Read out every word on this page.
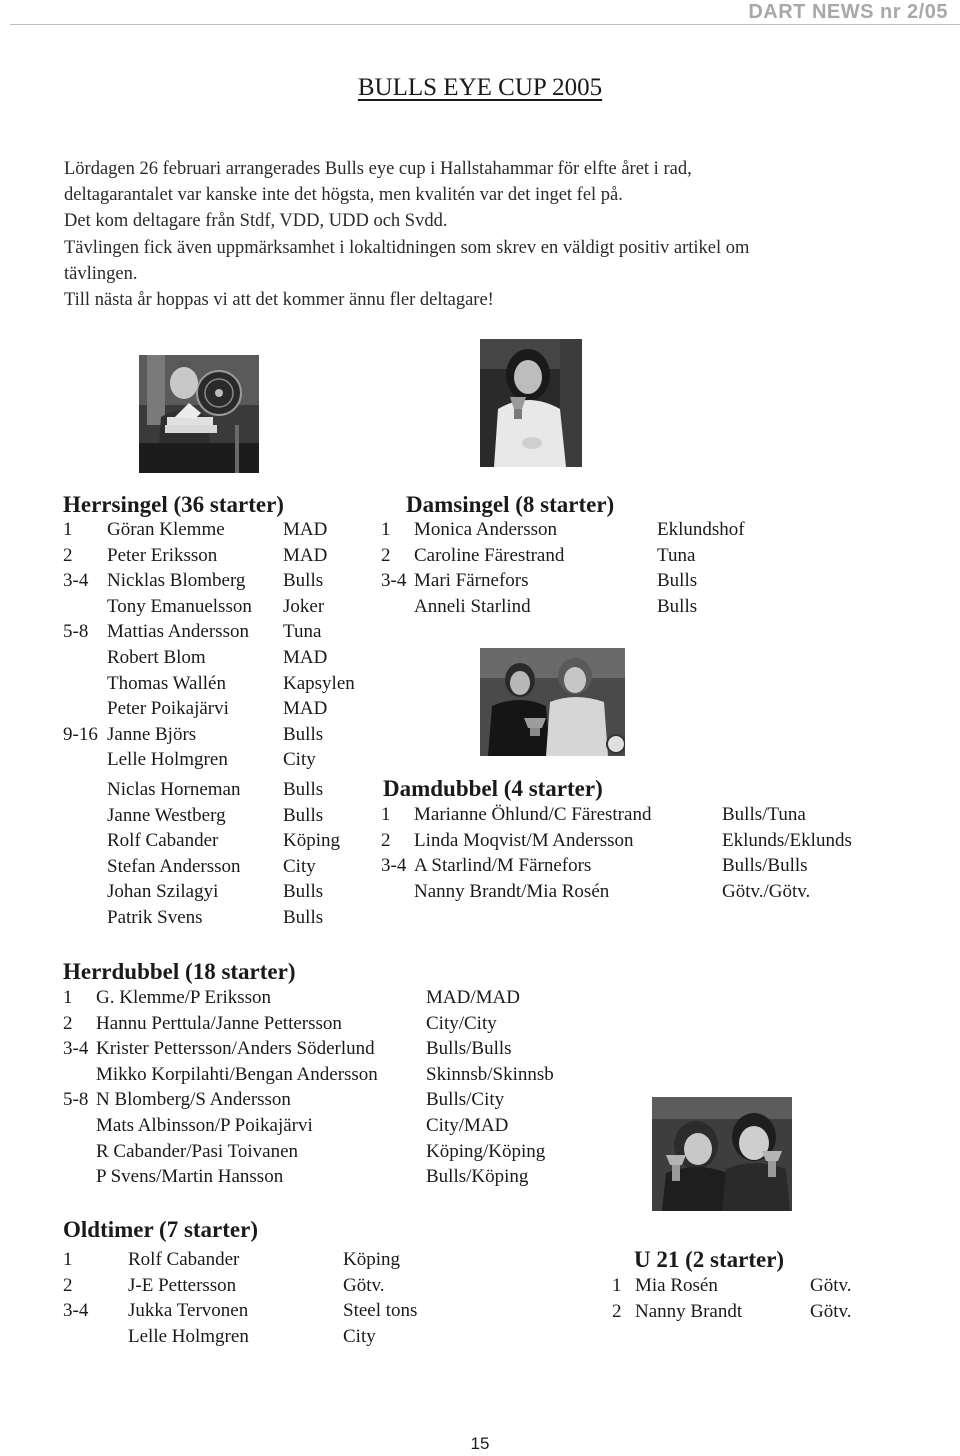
DART NEWS nr 2/05
BULLS EYE CUP 2005

Lördagen 26 februari arrangerades Bulls eye cup i Hallstahammar för elfte året i rad,

deltagarantalet var kanske inte det högsta, men kvalitén var det inget fel på.

Det kom deltagare från Stdf, VDD, UDD och Svdd.

Tävlingen fick även uppmärksamhet i lokaltidningen som skrev en väldigt positiv artikel om

tävlingen.

Till nästa år hoppas vi att det kommer ännu fler deltagare!

Herrsingel (36 starter)
1 Göran Klemme	MAD
2 Peter Eriksson	MAD
3-4 Nicklas Blomberg Bulls
Tony Emanuelsson Joker
5-8 Mattias Andersson Tuna
Robert Blom	MAD
Thomas Wallén	Kapsylen
Peter Poikajärvi	MAD
9-16 Janne Björs	Bulls
Lelle Holmgren	City
Niclas Horneman Bulls
Janne Westberg	Bulls
Rolf Cabander	Köping
Stefan Andersson City
Johan Szilagyi	Bulls
Patrik Svens	Bulls
Damsingel (8 starter)
1 Monica Andersson	Eklundshof
2 Caroline Färestrand	Tuna
3-4 Mari Färnefors	Bulls
Anneli Starlind	Bulls
Damdubbel (4 starter)
1 Marianne Öhlund/C Färestrand	Bulls/Tuna
2 Linda Moqvist/M Andersson	Eklunds/Eklunds
3-4 A Starlind/M Färnefors	Bulls/Bulls
Nanny Brandt/Mia Rosén	Götv./Götv.
Herrdubbel (18 starter)
1 G. Klemme/P Eriksson	MAD/MAD
2 Hannu Perttula/Janne Pettersson	City/City
3-4 Krister Pettersson/Anders Söderlund	Bulls/Bulls
Mikko Korpilahti/Bengan Andersson	Skinnsb/Skinnsb
5-8 N Blomberg/S Andersson	Bulls/City
Mats Albinsson/P Poikajärvi	City/MAD
R Cabander/Pasi Toivanen	Köping/Köping
P Svens/Martin Hansson	Bulls/Köping
Oldtimer (7 starter)
1	Rolf Cabander	Köping
2	J-E Pettersson	Götv.
3-4 Jukka Tervonen	Steel tons
Lelle Holmgren	City
U 21 (2 starter)
1 Mia Rosén	Götv.
2 Nanny Brandt	Götv.
15
